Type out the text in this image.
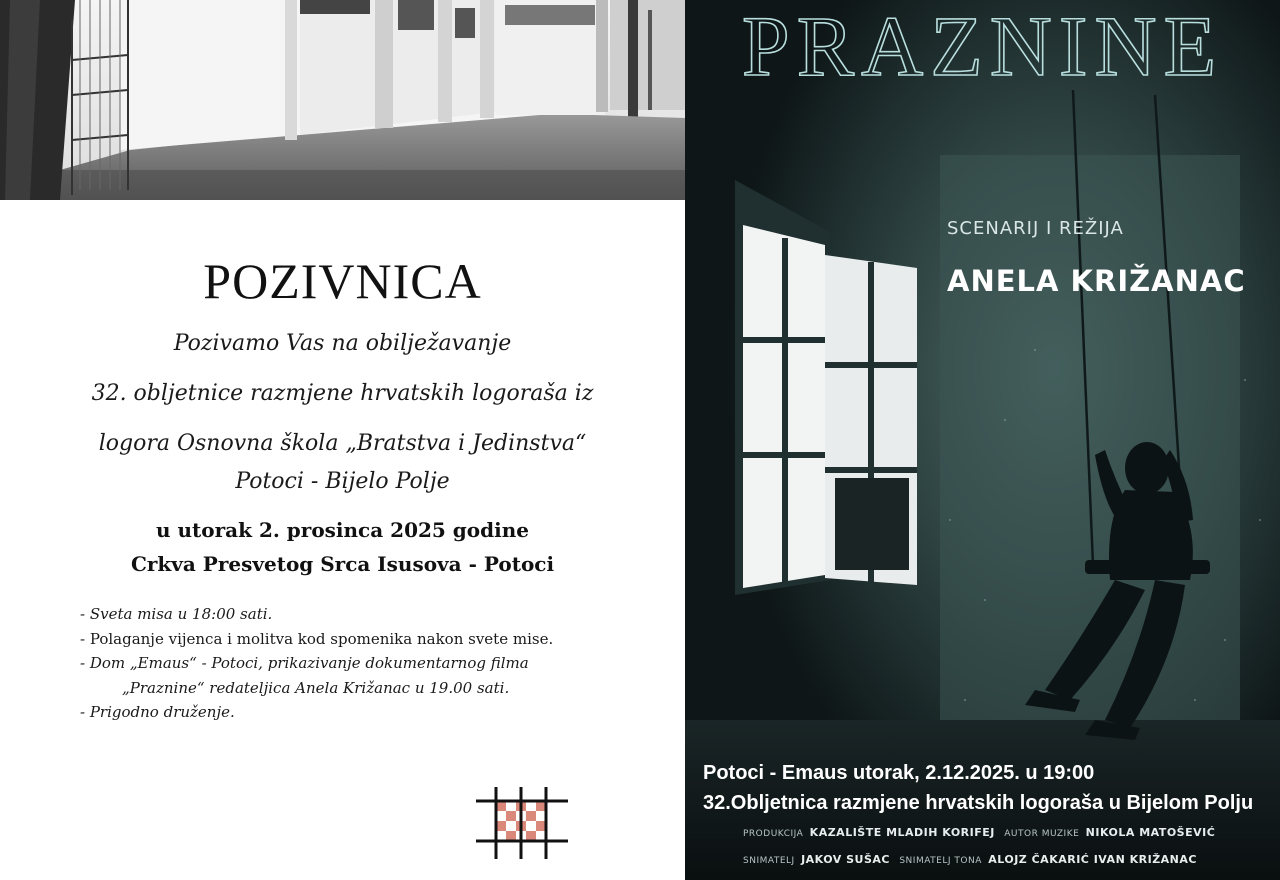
POZIVNICA
Pozivamo Vas na obilježavanje
32. obljetnice razmjene hrvatskih logoraša iz
logora Osnovna škola „Bratstva i Jedinstva“
Potoci - Bijelo Polje
u utorak 2. prosinca 2025 godine
Crkva Presvetog Srca Isusova - Potoci
- Sveta misa u 18:00 sati.
- Polaganje vijenca i molitva kod spomenika nakon svete mise.
- Dom „Emaus“ - Potoci, prikazivanje dokumentarnog filma
„Praznine“ redateljica Anela Križanac u 19.00 sati.
- Prigodno druženje.
PRAZNINE
SCENARIJ I REŽIJA
ANELA KRIŽANAC
Potoci - Emaus utorak, 2.12.2025. u 19:00
32.Obljetnica razmjene hrvatskih logoraša u Bijelom Polju
PRODUKCIJA KAZALIŠTE MLADIH KORIFEJ AUTOR MUZIKE NIKOLA MATOŠEVIĆ
SNIMATELJ JAKOV SUŠAC SNIMATELJ TONA ALOJZ ČAKARIĆ IVAN KRIŽANAC
